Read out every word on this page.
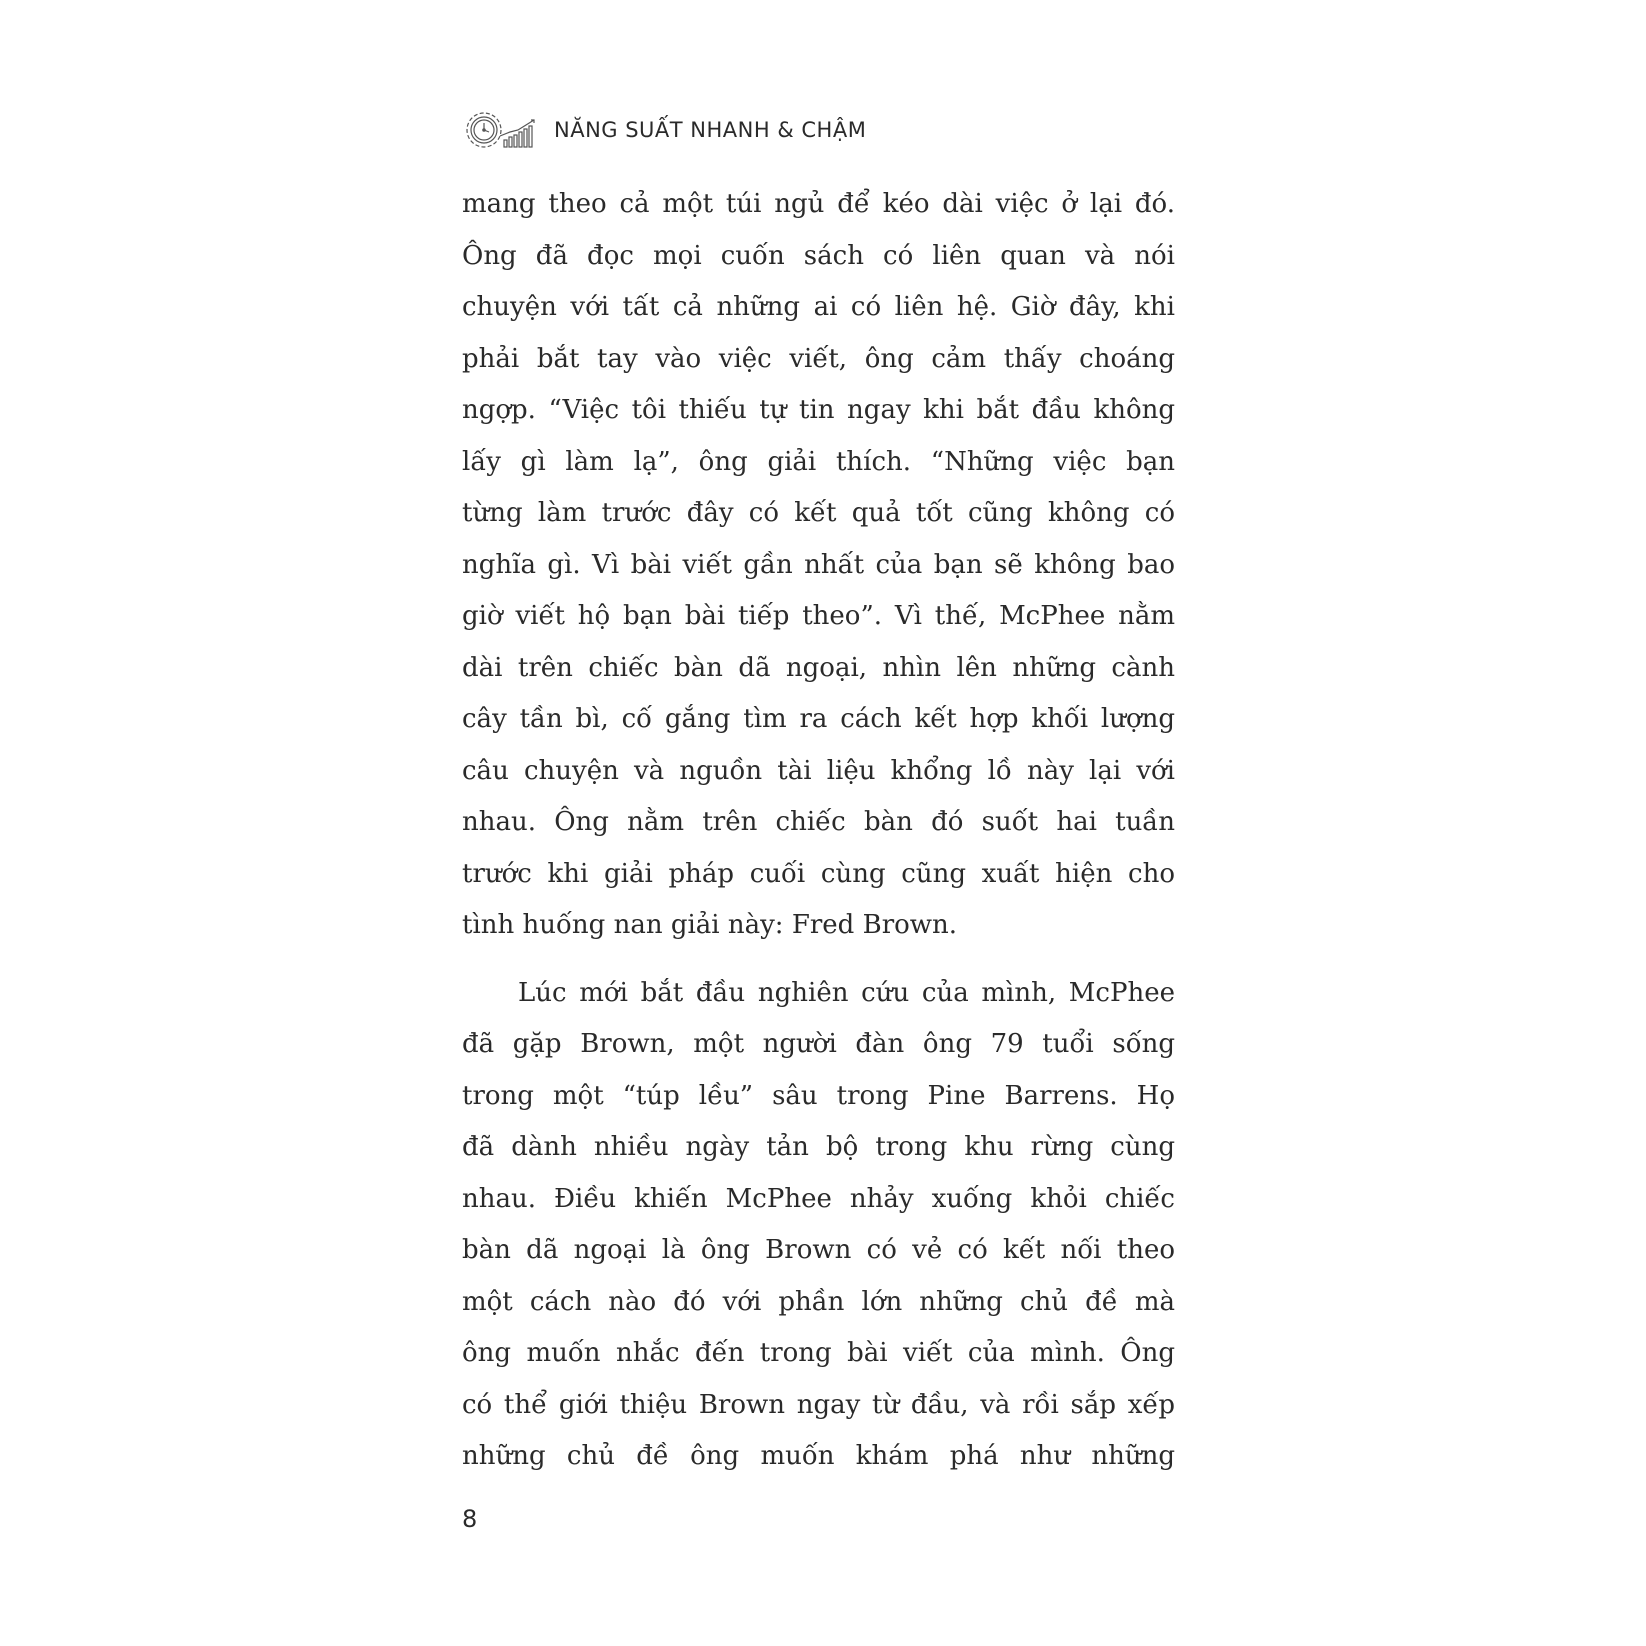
NĂNG SUẤT NHANH & CHẬM
mang theo cả một túi ngủ để kéo dài việc ở lại đó.
Ông đã đọc mọi cuốn sách có liên quan và nói
chuyện với tất cả những ai có liên hệ. Giờ đây, khi
phải bắt tay vào việc viết, ông cảm thấy choáng
ngợp. “Việc tôi thiếu tự tin ngay khi bắt đầu không
lấy gì làm lạ”, ông giải thích. “Những việc bạn
từng làm trước đây có kết quả tốt cũng không có
nghĩa gì. Vì bài viết gần nhất của bạn sẽ không bao
giờ viết hộ bạn bài tiếp theo”. Vì thế, McPhee nằm
dài trên chiếc bàn dã ngoại, nhìn lên những cành
cây tần bì, cố gắng tìm ra cách kết hợp khối lượng
câu chuyện và nguồn tài liệu khổng lồ này lại với
nhau. Ông nằm trên chiếc bàn đó suốt hai tuần
trước khi giải pháp cuối cùng cũng xuất hiện cho
tình huống nan giải này: Fred Brown.
Lúc mới bắt đầu nghiên cứu của mình, McPhee
đã gặp Brown, một người đàn ông 79 tuổi sống
trong một “túp lều” sâu trong Pine Barrens. Họ
đã dành nhiều ngày tản bộ trong khu rừng cùng
nhau. Điều khiến McPhee nhảy xuống khỏi chiếc
bàn dã ngoại là ông Brown có vẻ có kết nối theo
một cách nào đó với phần lớn những chủ đề mà
ông muốn nhắc đến trong bài viết của mình. Ông
có thể giới thiệu Brown ngay từ đầu, và rồi sắp xếp
những chủ đề ông muốn khám phá như những
8
